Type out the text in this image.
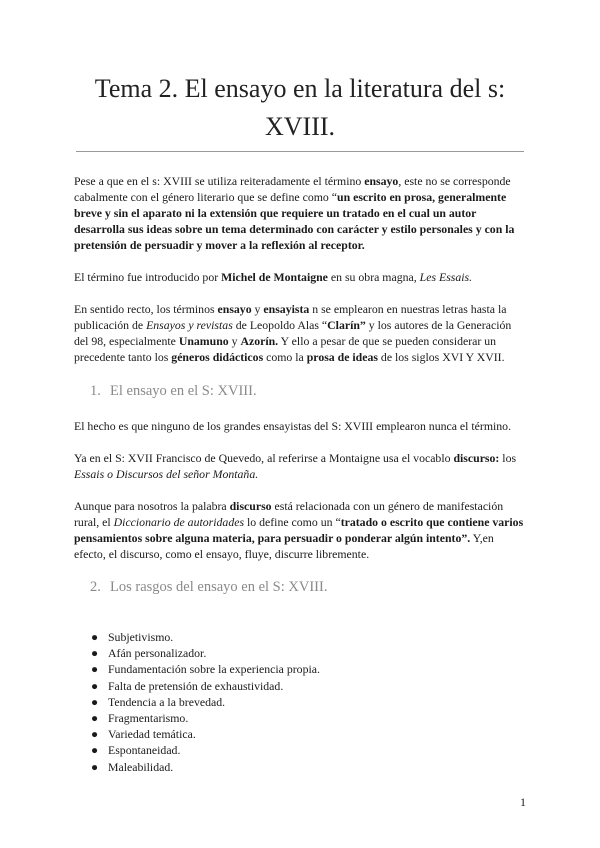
Tema 2. El ensayo en la literatura del s:
XVIII.

Pese a que en el s: XVIII se utiliza reiteradamente el término ensayo, este no se corresponde cabalmente con el género literario que se define como “un escrito en prosa, generalmente breve y sin el aparato ni la extensión que requiere un tratado en el cual un autor desarrolla sus ideas sobre un tema determinado con carácter y estilo personales y con la pretensión de persuadir y mover a la reflexión al receptor.

El término fue introducido por Michel de Montaigne en su obra magna, Les Essais.

En sentido recto, los términos ensayo y ensayista n se emplearon en nuestras letras hasta la publicación de Ensayos y revistas de Leopoldo Alas “Clarín” y los autores de la Generación del 98, especialmente Unamuno y Azorín. Y ello a pesar de que se pueden considerar un precedente tanto los géneros didácticos como la prosa de ideas de los siglos XVI Y XVII.

1. El ensayo en el S: XVIII.

El hecho es que ninguno de los grandes ensayistas del S: XVIII emplearon nunca el término.

Ya en el S: XVII Francisco de Quevedo, al referirse a Montaigne usa el vocablo discurso: los Essais o Discursos del señor Montaña.

Aunque para nosotros la palabra discurso está relacionada con un género de manifestación rural, el Diccionario de autoridades lo define como un “tratado o escrito que contiene varios pensamientos sobre alguna materia, para persuadir o ponderar algún intento”. Y,en efecto, el discurso, como el ensayo, fluye, discurre libremente.

2. Los rasgos del ensayo en el S: XVIII.
● Subjetivismo.
● Afán personalizador.
● Fundamentación sobre la experiencia propia.
● Falta de pretensión de exhaustividad.
● Tendencia a la brevedad.
● Fragmentarismo.
● Variedad temática.
● Espontaneidad.
● Maleabilidad.
1
